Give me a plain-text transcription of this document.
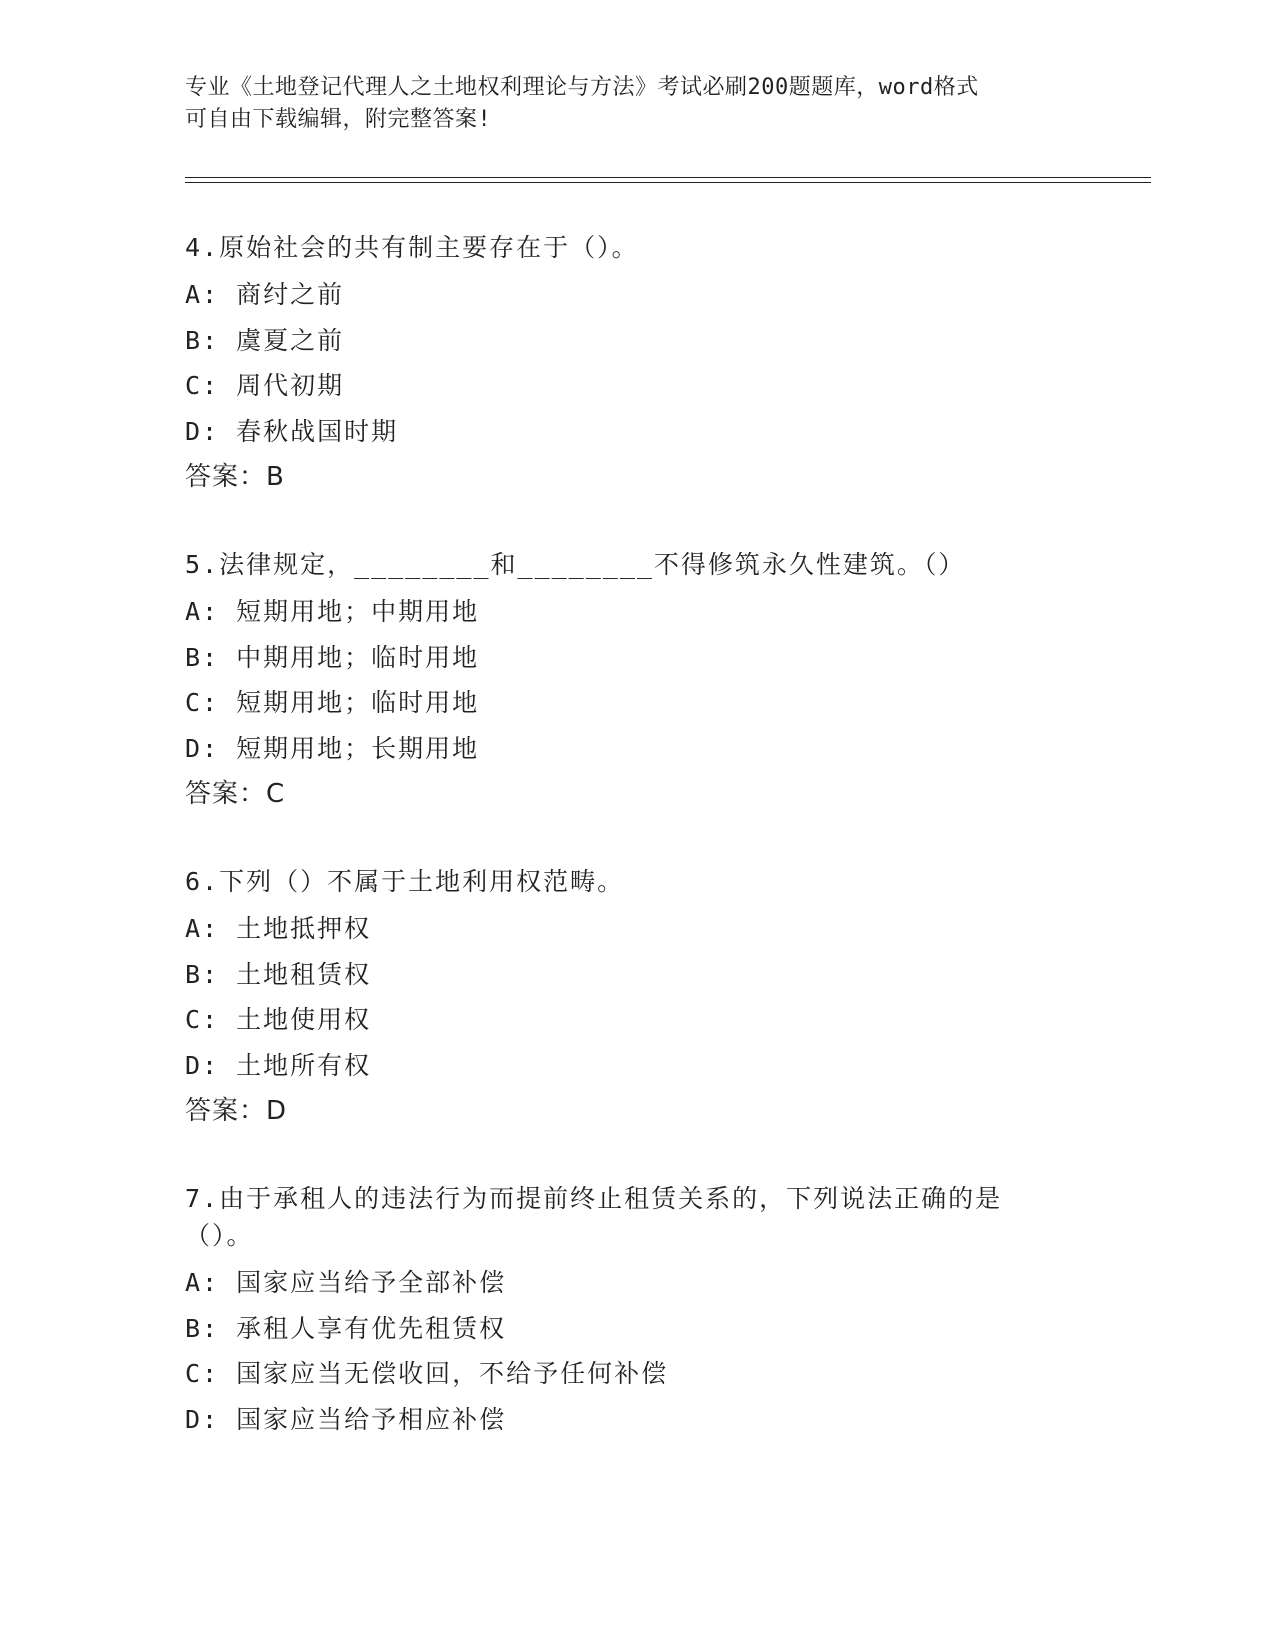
专业《土地登记代理人之土地权利理论与方法》考试必刷200题题库，word格式
可自由下载编辑，附完整答案!
4.原始社会的共有制主要存在于（）。
A: 商纣之前
B: 虞夏之前
C: 周代初期
D: 春秋战国时期
答案：B
5.法律规定，________和________不得修筑永久性建筑。（）
A: 短期用地；中期用地
B: 中期用地；临时用地
C: 短期用地；临时用地
D: 短期用地；长期用地
答案：C
6.下列（）不属于土地利用权范畴。
A: 土地抵押权
B: 土地租赁权
C: 土地使用权
D: 土地所有权
答案：D
7.由于承租人的违法行为而提前终止租赁关系的，下列说法正确的是
（）。
A: 国家应当给予全部补偿
B: 承租人享有优先租赁权
C: 国家应当无偿收回，不给予任何补偿
D: 国家应当给予相应补偿
